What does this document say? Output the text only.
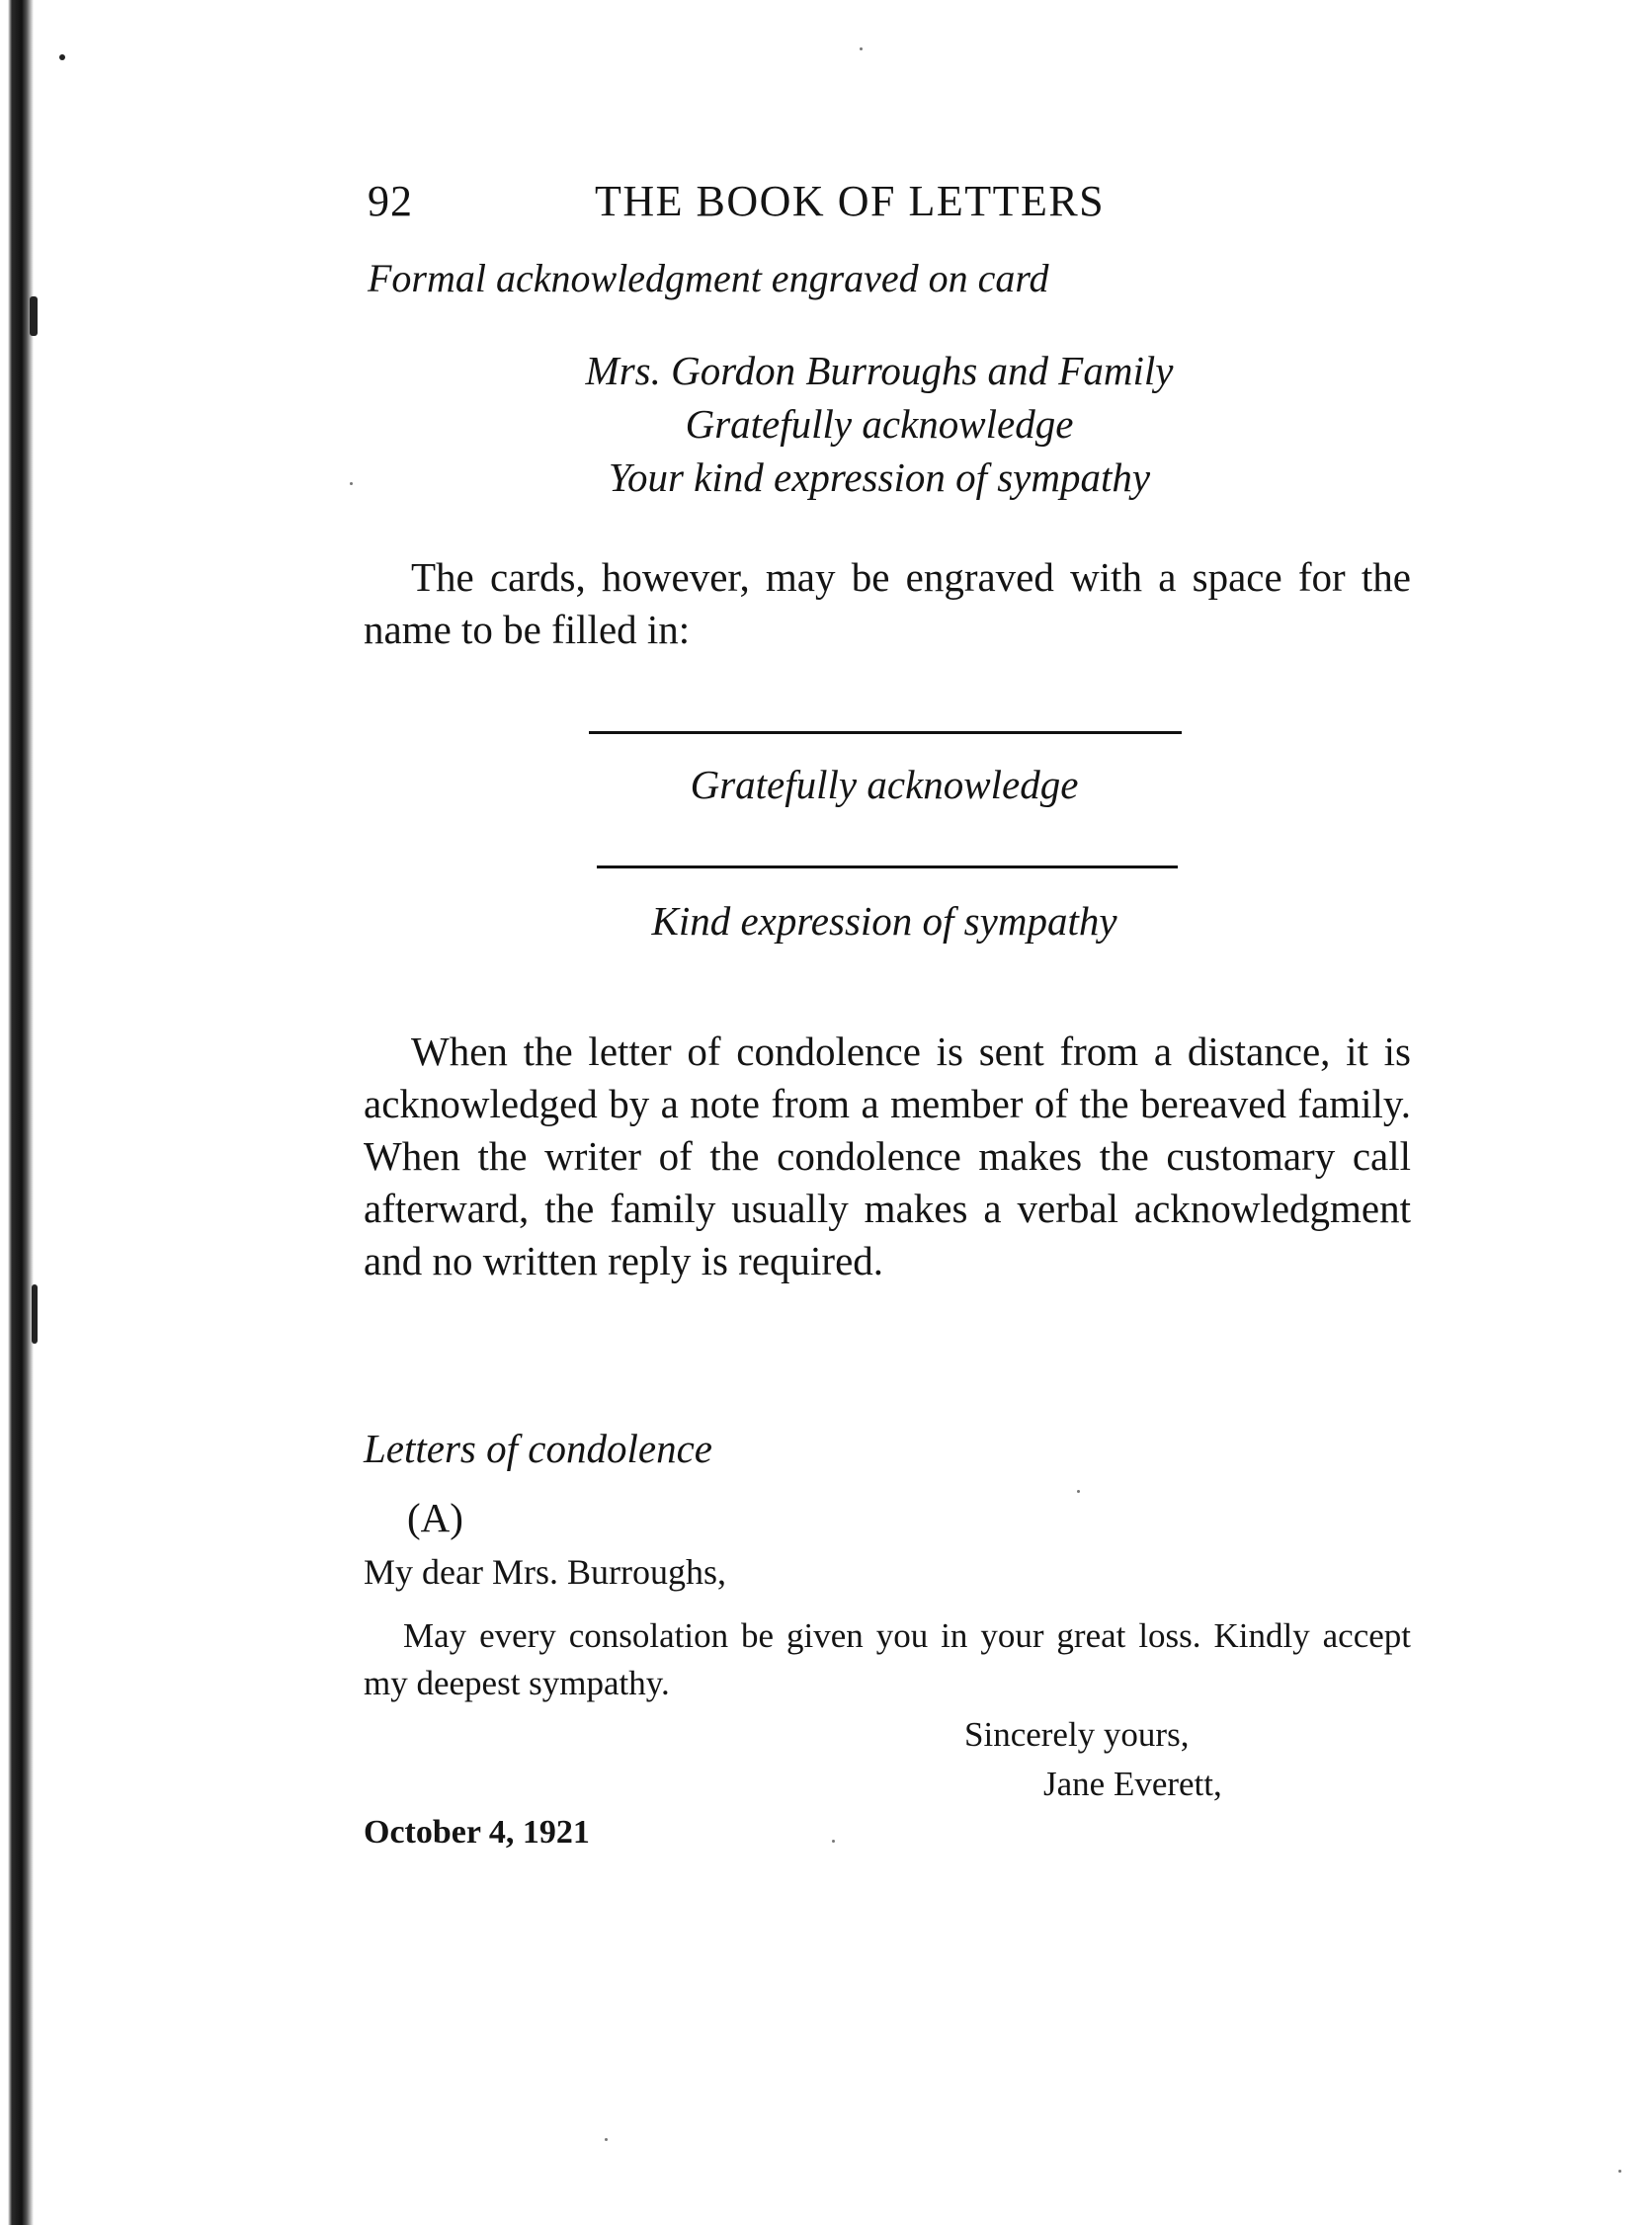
92	THE BOOK OF LETTERS
Formal acknowledgment engraved on card
Mrs. Gordon Burroughs and Family
Gratefully acknowledge
Your kind expression of sympathy

The cards, however, may be engraved with a space for the name to be filled in:

Gratefully acknowledge
Kind expression of sympathy

When the letter of condolence is sent from a distance, it is acknowledged by a note from a member of the bereaved family. When the writer of the condolence makes the customary call afterward, the family usually makes a verbal acknowledgment and no written reply is required.

Letters of condolence
(A)
My dear Mrs. Burroughs,

May every consolation be given you in your great loss. Kindly accept my deepest sympathy.

Sincerely yours,
Jane Everett,
October 4, 1921
